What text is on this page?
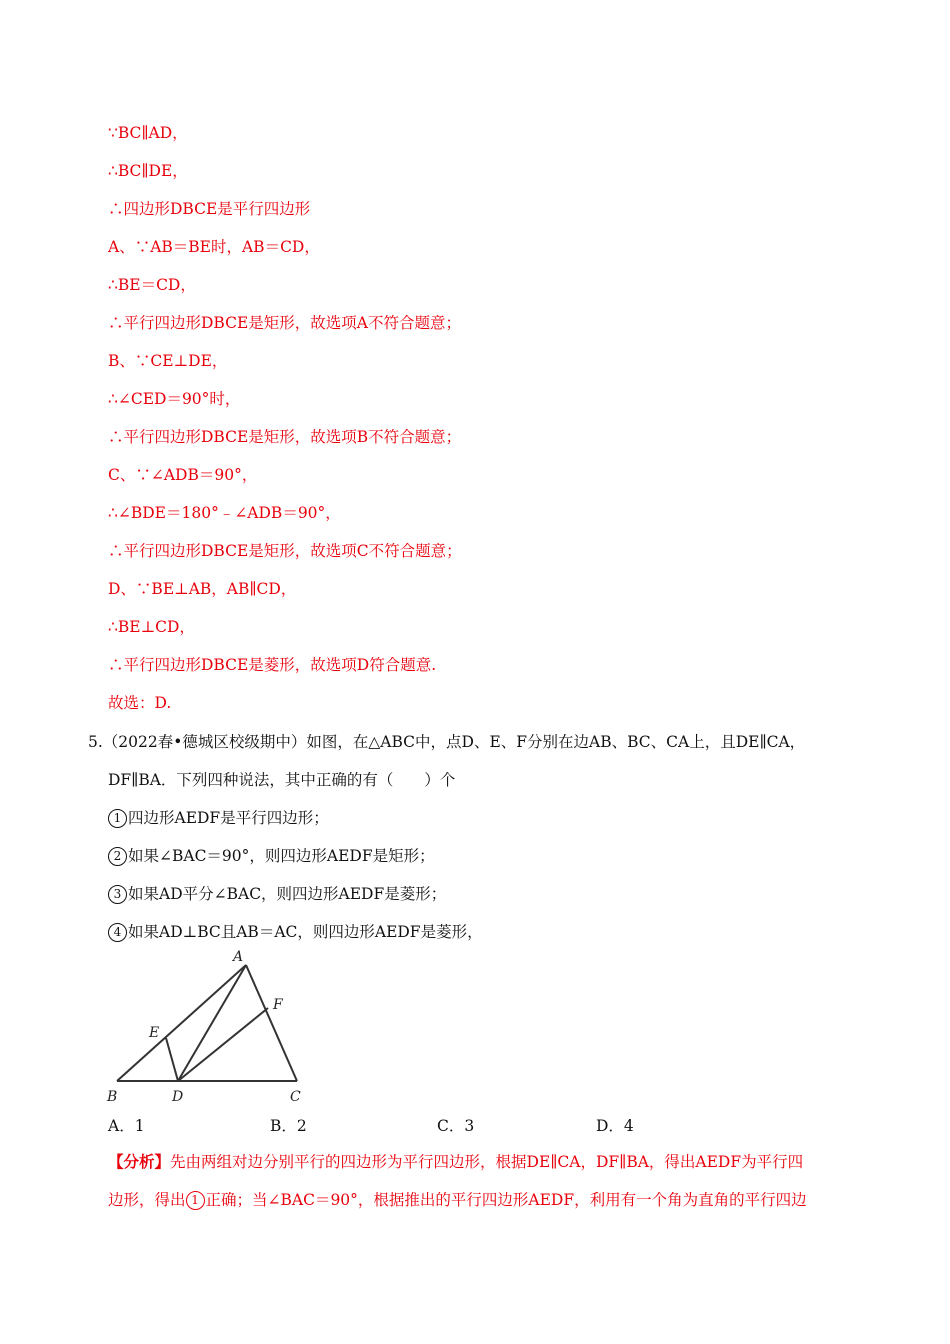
∵BC∥AD，
∴BC∥DE，
∴四边形DBCE是平行四边形
A、∵AB＝BE时，AB＝CD，
∴BE＝CD，
∴平行四边形DBCE是矩形，故选项A不符合题意；
B、∵CE⊥DE，
∴∠CED＝90°时，
∴平行四边形DBCE是矩形，故选项B不符合题意；
C、∵∠ADB＝90°，
∴∠BDE＝180°﹣∠ADB＝90°，
∴平行四边形DBCE是矩形，故选项C不符合题意；
D、∵BE⊥AB，AB∥CD，
∴BE⊥CD，
∴平行四边形DBCE是菱形，故选项D符合题意.
故选：D.
5.（2022春•德城区校级期中）如图，在△ABC中，点D、E、F分别在边AB、BC、CA上，且DE∥CA，
DF∥BA．下列四种说法，其中正确的有（　　）个
1 四边形AEDF是平行四边形；
2 如果∠BAC＝90°，则四边形AEDF是矩形；
3 如果AD平分∠BAC，则四边形AEDF是菱形；
4 如果AD⊥BC且AB＝AC，则四边形AEDF是菱形，
A
B	C
D
E
F
A．1	B．2	C．3	D．4
【分析】先由两组对边分别平行的四边形为平行四边形，根据DE∥CA，DF∥BA，得出AEDF为平行四
边形，得出 1 正确；当∠BAC＝90°，根据推出的平行四边形AEDF，利用有一个角为直角的平行四边
